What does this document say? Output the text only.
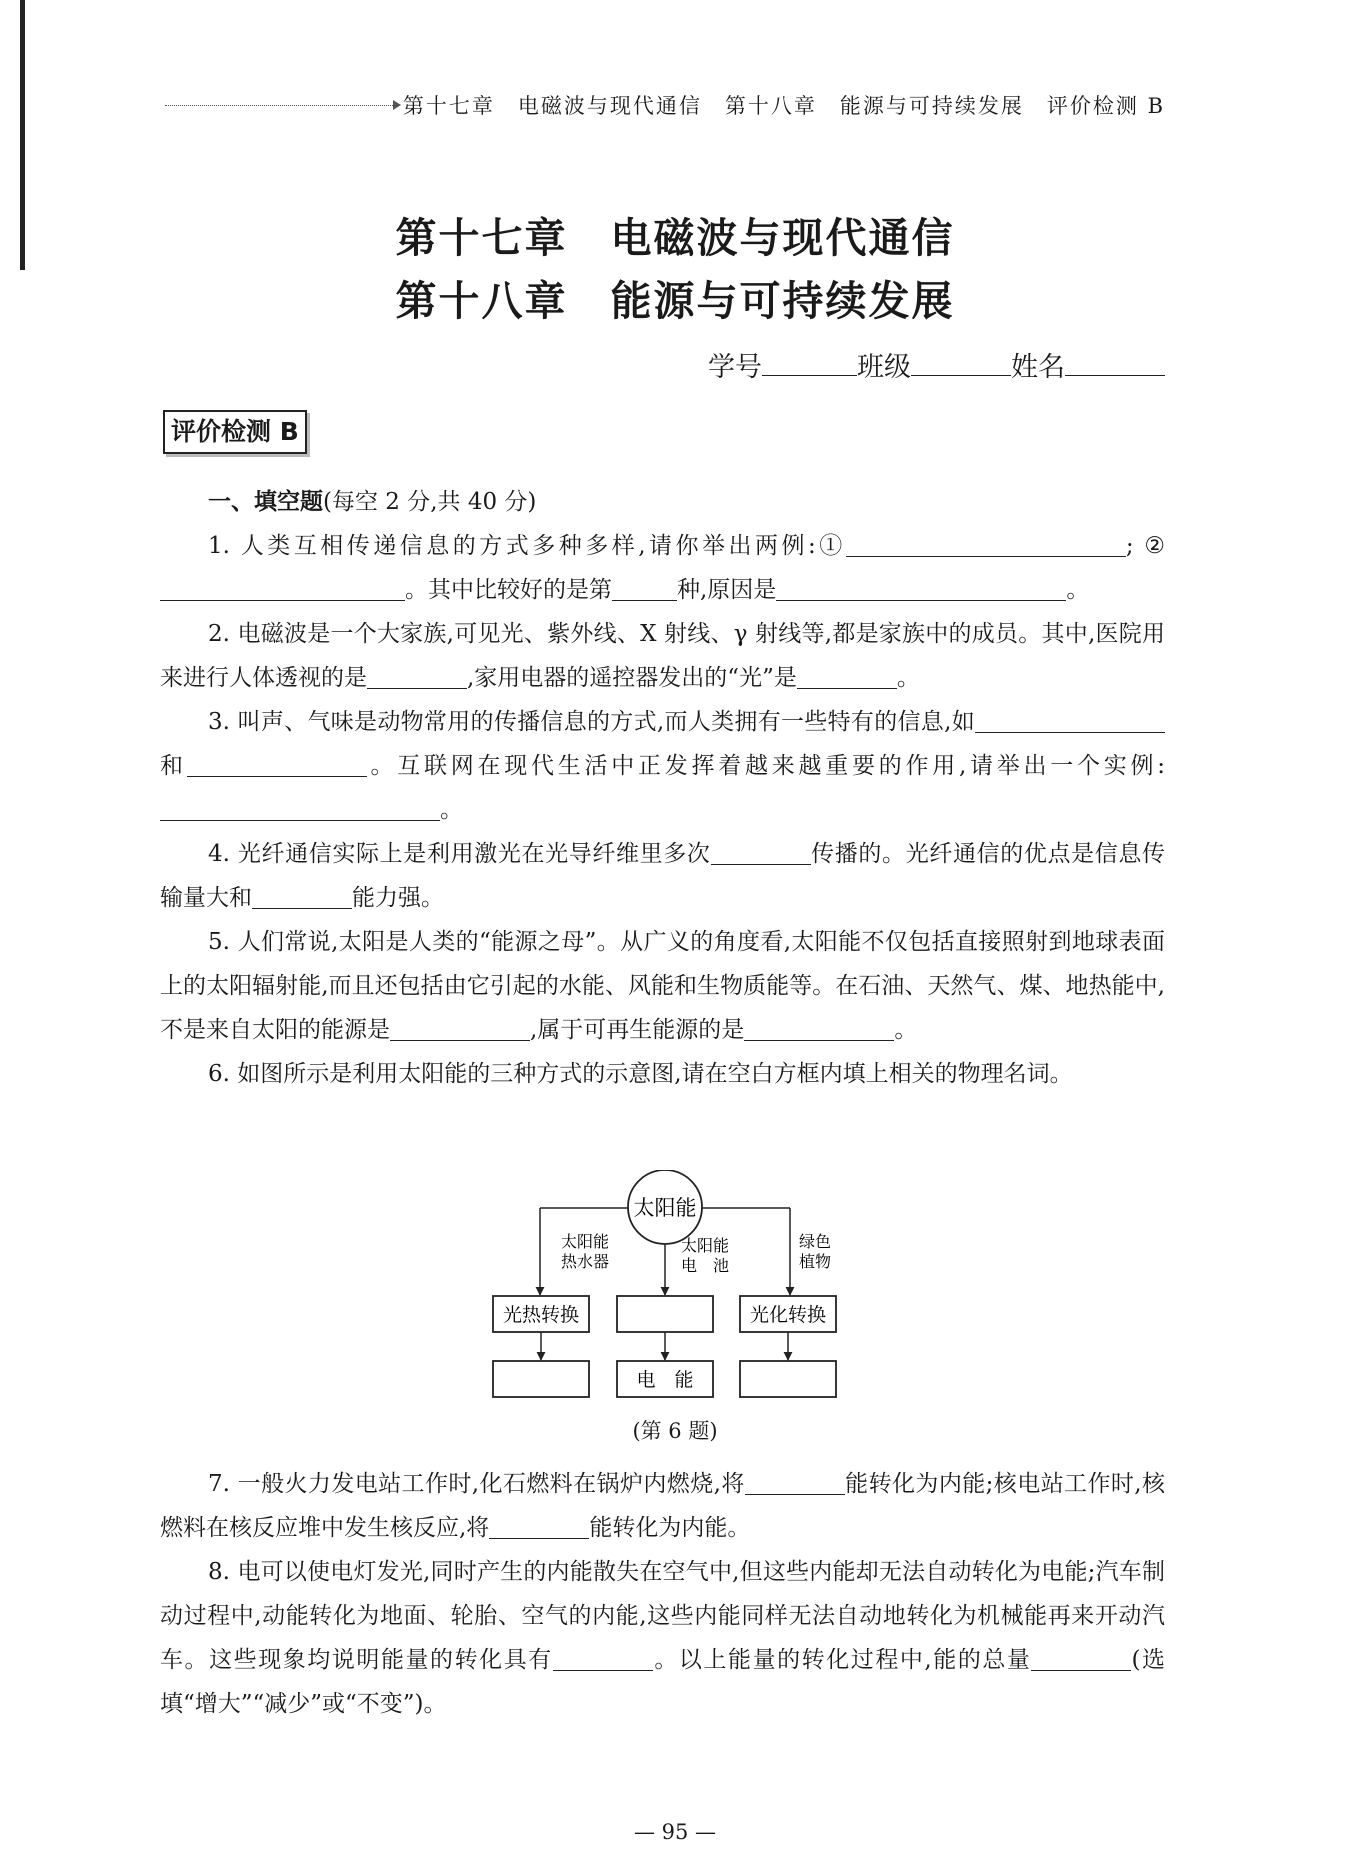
第十七章　电磁波与现代通信　第十八章　能源与可持续发展　评价检测 B
第十七章　电磁波与现代通信
第十八章　能源与可持续发展
学号	班级	姓名
评价检测 B

一、填空题(每空 2 分,共 40 分)

1. 人类互相传递信息的方式多种多样,请你举出两例:①	; ②。其中比较好的是第	种,原因是	。

2. 电磁波是一个大家族,可见光、紫外线、X 射线、γ 射线等,都是家族中的成员。其中,医院用来进行人体透视的是	,家用电器的遥控器发出的“光”是	。

3. 叫声、气味是动物常用的传播信息的方式,而人类拥有一些特有的信息,如和	。互联网在现代生活中正发挥着越来越重要的作用,请举出一个实例:。

4. 光纤通信实际上是利用激光在光导纤维里多次	传播的。光纤通信的优点是信息传输量大和	能力强。

5. 人们常说,太阳是人类的“能源之母”。从广义的角度看,太阳能不仅包括直接照射到地球表面上的太阳辐射能,而且还包括由它引起的水能、风能和生物质能等。在石油、天然气、煤、地热能中,不是来自太阳的能源是	,属于可再生能源的是	。

6. 如图所示是利用太阳能的三种方式的示意图,请在空白方框内填上相关的物理名词。

太阳能
太阳能
热水器
太阳能
电　池
绿色
植物
光热转换	光化转换
电　能
(第 6 题)

7. 一般火力发电站工作时,化石燃料在锅炉内燃烧,将	能转化为内能;核电站工作时,核燃料在核反应堆中发生核反应,将	能转化为内能。

8. 电可以使电灯发光,同时产生的内能散失在空气中,但这些内能却无法自动转化为电能;汽车制动过程中,动能转化为地面、轮胎、空气的内能,这些内能同样无法自动地转化为机械能再来开动汽车。这些现象均说明能量的转化具有	。以上能量的转化过程中,能的总量	(选填“增大”“减少”或“不变”)。

— 95 —
